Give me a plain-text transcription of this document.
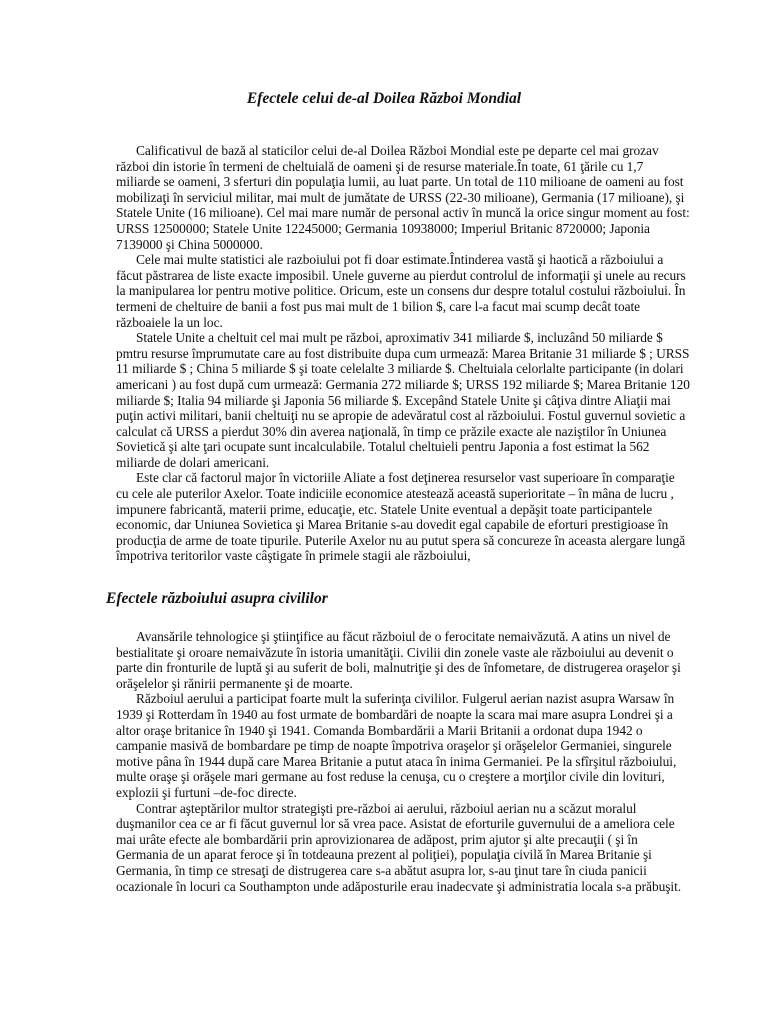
Efectele celui de-al Doilea Război Mondial

Calificativul de bază al staticilor celui de-al Doilea Război Mondial este pe departe cel mai grozav război din istorie în termeni de cheltuială de oameni şi de resurse materiale.În toate, 61 ţările cu 1,7 miliarde se oameni, 3 sferturi din populaţia lumii, au luat parte. Un total de 110 milioane de oameni au fost mobilizaţi în serviciul militar, mai mult de jumătate de URSS (22-30 milioane), Germania (17 milioane), şi Statele Unite (16 milioane). Cel mai mare număr de personal activ în muncă la orice singur moment au fost: URSS 12500000; Statele Unite 12245000; Germania 10938000; Imperiul Britanic 8720000; Japonia 7139000 şi China 5000000.

Cele mai multe statistici ale razboiului pot fi doar estimate.Întinderea vastă şi haotică a războiului a făcut păstrarea de liste exacte imposibil. Unele guverne au pierdut controlul de informaţii şi unele au recurs la manipularea lor pentru motive politice. Oricum, este un consens dur despre totalul costului războiului. În termeni de cheltuire de banii a fost pus mai mult de 1 bilion $, care l-a facut mai scump decât toate războaiele la un loc.

Statele Unite a cheltuit cel mai mult pe război, aproximativ 341 miliarde $, incluzând 50 miliarde $ pmtru resurse împrumutate care au fost distribuite dupa cum urmează: Marea Britanie 31 miliarde $ ; URSS 11 miliarde $ ; China 5 miliarde $ şi toate celelalte 3 miliarde $. Cheltuiala celorlalte participante (in dolari americani ) au fost după cum urmează: Germania 272 miliarde $; URSS 192 miliarde $; Marea Britanie 120 miliarde $; Italia 94 miliarde şi Japonia 56 miliarde $. Excepând Statele Unite şi câţiva dintre Aliaţii mai puţin activi militari, banii cheltuiţi nu se apropie de adevăratul cost al războiului. Fostul guvernul sovietic a calculat că URSS a pierdut 30% din averea naţională, în timp ce prăzile exacte ale naziştilor în Uniunea Sovietică şi alte ţari ocupate sunt incalculabile. Totalul cheltuieli pentru Japonia a fost estimat la 562 miliarde de dolari americani.

Este clar că factorul major în victoriile Aliate a fost deţinerea resurselor vast superioare în comparaţie cu cele ale puterilor Axelor. Toate indiciile economice atestează această superioritate – în mâna de lucru , impunere fabricantă, materii prime, educaţie, etc. Statele Unite eventual a depăşit toate participantele economic, dar Uniunea Sovietica şi Marea Britanie s-au dovedit egal capabile de eforturi prestigioase în producţia de arme de toate tipurile. Puterile Axelor nu au putut spera să concureze în aceasta alergare lungă împotriva teritorilor vaste câştigate în primele stagii ale războiului,

Efectele războiului asupra civililor

Avansările tehnologice şi ştiinţifice au făcut războiul de o ferocitate nemaivăzută. A atins un nivel de bestialitate şi oroare nemaivăzute în istoria umanităţii. Civilii din zonele vaste ale războiului au devenit o parte din fronturile de luptă şi au suferit de boli, malnutriţie şi des de înfometare, de distrugerea oraşelor şi orăşelelor şi rănirii permanente şi de moarte.

Războiul aerului a participat foarte mult la suferinţa civililor. Fulgerul aerian nazist asupra Warsaw în 1939 şi Rotterdam în 1940 au fost urmate de bombardări de noapte la scara mai mare asupra Londrei şi a altor oraşe britanice în 1940 şi 1941. Comanda Bombardării a Marii Britanii a ordonat dupa 1942 o campanie masivă de bombardare pe timp de noapte împotriva oraşelor şi orăşelelor Germaniei, singurele motive pâna în 1944 după care Marea Britanie a putut ataca în inima Germaniei. Pe la sfîrşitul războiului, multe oraşe şi orăşele mari germane au fost reduse la cenuşa, cu o creştere a morţilor civile din lovituri, explozii şi furtuni –de-foc directe.

Contrar aşteptărilor multor strategişti pre-război ai aerului, războiul aerian nu a scăzut moralul duşmanilor cea ce ar fi făcut guvernul lor să vrea pace. Asistat de eforturile guvernului de a ameliora cele mai urâte efecte ale bombardării prin aprovizionarea de adăpost, prim ajutor şi alte precauţii ( şi în Germania de un aparat feroce şi în totdeauna prezent al poliţiei), populaţia civilă în Marea Britanie şi Germania, în timp ce stresaţi de distrugerea care s-a abătut asupra lor, s-au ţinut tare în ciuda panicii ocazionale în locuri ca Southampton unde adăposturile erau inadecvate şi administratia locala s-a prăbuşit.
